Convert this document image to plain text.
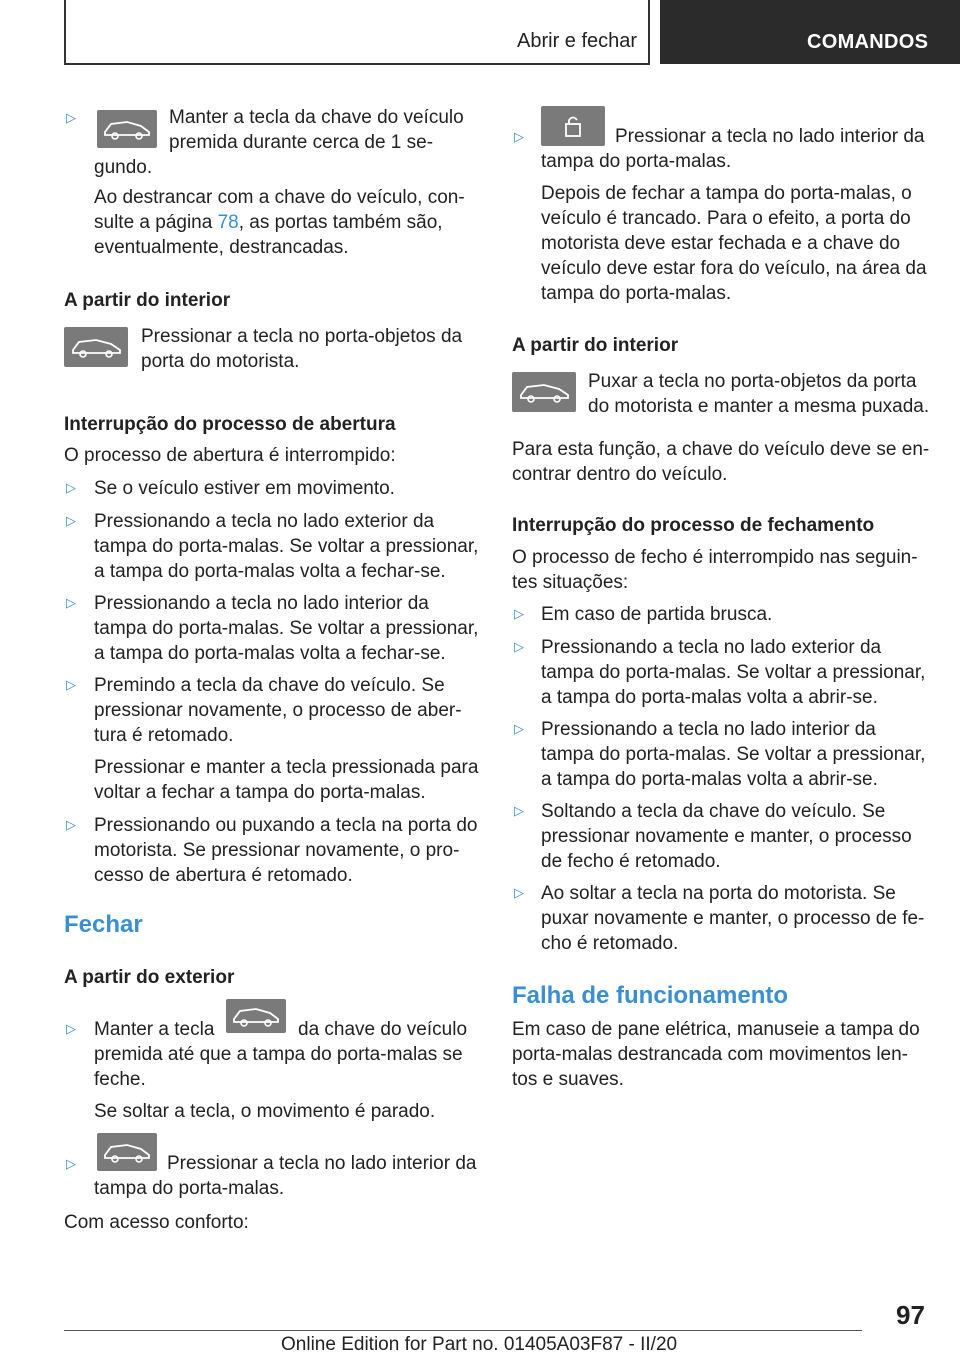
Abrir e fechar	COMANDOS
▷	Manter a tecla da chave do veículo
premida durante cerca de 1 se‐
gundo.
Ao destrancar com a chave do veículo, con‐
sulte a página 78, as portas também são,
eventualmente, destrancadas.
A partir do interior
Pressionar a tecla no porta-objetos da
porta do motorista.
Interrupção do processo de abertura
O processo de abertura é interrompido:
▷ Se o veículo estiver em movimento.
▷ Pressionando a tecla no lado exterior da
tampa do porta-malas. Se voltar a pressionar,
a tampa do porta-malas volta a fechar-se.
▷ Pressionando a tecla no lado interior da
tampa do porta-malas. Se voltar a pressionar,
a tampa do porta-malas volta a fechar-se.
▷ Premindo a tecla da chave do veículo. Se
pressionar novamente, o processo de aber‐
tura é retomado.
Pressionar e manter a tecla pressionada para
voltar a fechar a tampa do porta-malas.
▷ Pressionando ou puxando a tecla na porta do
motorista. Se pressionar novamente, o pro‐
cesso de abertura é retomado.
Fechar
A partir do exterior
▷ Manter a tecla	da chave do veículo
premida até que a tampa do porta-malas se
feche.
Se soltar a tecla, o movimento é parado.
▷	Pressionar a tecla no lado interior da
tampa do porta-malas.
Com acesso conforto:
▷	Pressionar a tecla no lado interior da
tampa do porta-malas.
Depois de fechar a tampa do porta-malas, o
veículo é trancado. Para o efeito, a porta do
motorista deve estar fechada e a chave do
veículo deve estar fora do veículo, na área da
tampa do porta-malas.
A partir do interior
Puxar a tecla no porta-objetos da porta
do motorista e manter a mesma puxada.
Para esta função, a chave do veículo deve se en‐
contrar dentro do veículo.
Interrupção do processo de fechamento
O processo de fecho é interrompido nas seguin‐
tes situações:
▷ Em caso de partida brusca.
▷ Pressionando a tecla no lado exterior da
tampa do porta-malas. Se voltar a pressionar,
a tampa do porta-malas volta a abrir-se.
▷ Pressionando a tecla no lado interior da
tampa do porta-malas. Se voltar a pressionar,
a tampa do porta-malas volta a abrir-se.
▷ Soltando a tecla da chave do veículo. Se
pressionar novamente e manter, o processo
de fecho é retomado.
▷ Ao soltar a tecla na porta do motorista. Se
puxar novamente e manter, o processo de fe‐
cho é retomado.
Falha de funcionamento
Em caso de pane elétrica, manuseie a tampa do
porta-malas destrancada com movimentos len‐
tos e suaves.
97
Online Edition for Part no. 01405A03F87 - II/20
